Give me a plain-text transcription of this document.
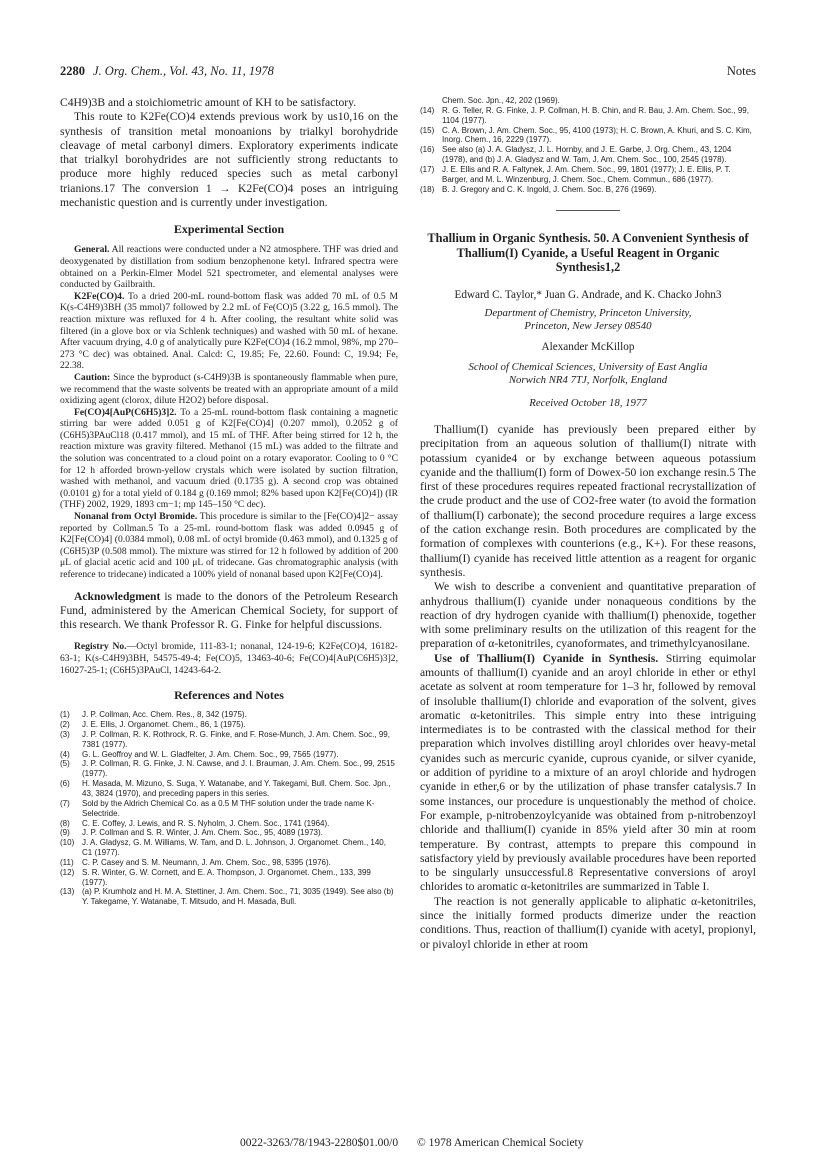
2280 J. Org. Chem., Vol. 43, No. 11, 1978	Notes

C4H9)3B and a stoichiometric amount of KH to be satisfactory.

This route to K2Fe(CO)4 extends previous work by us10,16 on the synthesis of transition metal monoanions by trialkyl borohydride cleavage of metal carbonyl dimers. Exploratory experiments indicate that trialkyl borohydrides are not sufficiently strong reductants to produce more highly reduced species such as metal carbonyl trianions.17 The conversion 1 → K2Fe(CO)4 poses an intriguing mechanistic question and is currently under investigation.

Experimental Section

General. All reactions were conducted under a N2 atmosphere. THF was dried and deoxygenated by distillation from sodium benzophenone ketyl. Infrared spectra were obtained on a Perkin-Elmer Model 521 spectrometer, and elemental analyses were conducted by Gailbraith.

K2Fe(CO)4. To a dried 200-mL round-bottom flask was added 70 mL of 0.5 M K(s-C4H9)3BH (35 mmol)7 followed by 2.2 mL of Fe(CO)5 (3.22 g, 16.5 mmol). The reaction mixture was refluxed for 4 h. After cooling, the resultant white solid was filtered (in a glove box or via Schlenk techniques) and washed with 50 mL of hexane. After vacuum drying, 4.0 g of analytically pure K2Fe(CO)4 (16.2 mmol, 98%, mp 270–273 °C dec) was obtained. Anal. Calcd: C, 19.85; Fe, 22.60. Found: C, 19.94; Fe, 22.38.

Caution: Since the byproduct (s-C4H9)3B is spontaneously flammable when pure, we recommend that the waste solvents be treated with an appropriate amount of a mild oxidizing agent (clorox, dilute H2O2) before disposal.

Fe(CO)4[AuP(C6H5)3]2. To a 25-mL round-bottom flask containing a magnetic stirring bar were added 0.051 g of K2[Fe(CO)4] (0.207 mmol), 0.2052 g of (C6H5)3PAuCl18 (0.417 mmol), and 15 mL of THF. After being stirred for 12 h, the reaction mixture was gravity filtered. Methanol (15 mL) was added to the filtrate and the solution was concentrated to a cloud point on a rotary evaporator. Cooling to 0 °C for 12 h afforded brown-yellow crystals which were isolated by suction filtration, washed with methanol, and vacuum dried (0.1735 g). A second crop was obtained (0.0101 g) for a total yield of 0.184 g (0.169 mmol; 82% based upon K2[Fe(CO)4]) (IR (THF) 2002, 1929, 1893 cm−1; mp 145–150 °C dec).

Nonanal from Octyl Bromide. This procedure is similar to the [Fe(CO)4]2− assay reported by Collman.5 To a 25-mL round-bottom flask was added 0.0945 g of K2[Fe(CO)4] (0.0384 mmol), 0.08 mL of octyl bromide (0.463 mmol), and 0.1325 g of (C6H5)3P (0.508 mmol). The mixture was stirred for 12 h followed by addition of 200 μL of glacial acetic acid and 100 μL of tridecane. Gas chromatographic analysis (with reference to tridecane) indicated a 100% yield of nonanal based upon K2[Fe(CO)4].

Acknowledgment is made to the donors of the Petroleum Research Fund, administered by the American Chemical Society, for support of this research. We thank Professor R. G. Finke for helpful discussions.

Registry No.—Octyl bromide, 111-83-1; nonanal, 124-19-6; K2Fe(CO)4, 16182-63-1; K(s-C4H9)3BH, 54575-49-4; Fe(CO)5, 13463-40-6; Fe(CO)4[AuP(C6H5)3]2, 16027-25-1; (C6H5)3PAuCl, 14243-64-2.

References and Notes
(1) J. P. Collman, Acc. Chem. Res., 8, 342 (1975).
(2) J. E. Ellis, J. Organomet. Chem., 86, 1 (1975).
(3) J. P. Collman, R. K. Rothrock, R. G. Finke, and F. Rose-Munch, J. Am. Chem. Soc., 99, 7381 (1977).
(4) G. L. Geoffroy and W. L. Gladfelter, J. Am. Chem. Soc., 99, 7565 (1977).
(5) J. P. Collman, R. G. Finke, J. N. Cawse, and J. I. Brauman, J. Am. Chem. Soc., 99, 2515 (1977).
(6) H. Masada, M. Mizuno, S. Suga, Y. Watanabe, and Y. Takegami, Bull. Chem. Soc. Jpn., 43, 3824 (1970), and preceding papers in this series.
(7) Sold by the Aldrich Chemical Co. as a 0.5 M THF solution under the trade name K-Selectride.
(8) C. E. Coffey, J. Lewis, and R. S. Nyholm, J. Chem. Soc., 1741 (1964).
(9) J. P. Collman and S. R. Winter, J. Am. Chem. Soc., 95, 4089 (1973).
(10) J. A. Gladysz, G. M. Williams, W. Tam, and D. L. Johnson, J. Organomet. Chem., 140, C1 (1977).
(11) C. P. Casey and S. M. Neumann, J. Am. Chem. Soc., 98, 5395 (1976).
(12) S. R. Winter, G. W. Cornett, and E. A. Thompson, J. Organomet. Chem., 133, 399 (1977).
(13) (a) P. Krumholz and H. M. A. Stettiner, J. Am. Chem. Soc., 71, 3035 (1949). See also (b) Y. Takegame, Y. Watanabe, T. Mitsudo, and H. Masada, Bull.
Chem. Soc. Jpn., 42, 202 (1969).
(14) R. G. Teller, R. G. Finke, J. P. Collman, H. B. Chin, and R. Bau, J. Am. Chem. Soc., 99, 1104 (1977).
(15) C. A. Brown, J. Am. Chem. Soc., 95, 4100 (1973); H. C. Brown, A. Khuri, and S. C. Kim, Inorg. Chem., 16, 2229 (1977).
(16) See also (a) J. A. Gladysz, J. L. Hornby, and J. E. Garbe, J. Org. Chem., 43, 1204 (1978), and (b) J. A. Gladysz and W. Tam, J. Am. Chem. Soc., 100, 2545 (1978).
(17) J. E. Ellis and R. A. Faltynek, J. Am. Chem. Soc., 99, 1801 (1977); J. E. Ellis, P. T. Barger, and M. L. Winzenburg, J. Chem. Soc., Chem. Commun., 686 (1977).
(18) B. J. Gregory and C. K. Ingold, J. Chem. Soc. B, 276 (1969).
Thallium in Organic Synthesis. 50. A Convenient Synthesis of Thallium(I) Cyanide, a Useful Reagent in Organic Synthesis1,2
Edward C. Taylor,* Juan G. Andrade, and K. Chacko John3

Department of Chemistry, Princeton University,

Princeton, New Jersey 08540

Alexander McKillop

School of Chemical Sciences, University of East Anglia

Norwich NR4 7TJ, Norfolk, England

Received October 18, 1977

Thallium(I) cyanide has previously been prepared either by precipitation from an aqueous solution of thallium(I) nitrate with potassium cyanide4 or by exchange between aqueous potassium cyanide and the thallium(I) form of Dowex-50 ion exchange resin.5 The first of these procedures requires repeated fractional recrystallization of the crude product and the use of CO2-free water (to avoid the formation of thallium(I) carbonate); the second procedure requires a large excess of the cation exchange resin. Both procedures are complicated by the formation of complexes with counterions (e.g., K+). For these reasons, thallium(I) cyanide has received little attention as a reagent for organic synthesis.

We wish to describe a convenient and quantitative preparation of anhydrous thallium(I) cyanide under nonaqueous conditions by the reaction of dry hydrogen cyanide with thallium(I) phenoxide, together with some preliminary results on the utilization of this reagent for the preparation of α-ketonitriles, cyanoformates, and trimethylcyanosilane.

Use of Thallium(I) Cyanide in Synthesis. Stirring equimolar amounts of thallium(I) cyanide and an aroyl chloride in ether or ethyl acetate as solvent at room temperature for 1–3 hr, followed by removal of insoluble thallium(I) chloride and evaporation of the solvent, gives aromatic α-ketonitriles. This simple entry into these intriguing intermediates is to be contrasted with the classical method for their preparation which involves distilling aroyl chlorides over heavy-metal cyanides such as mercuric cyanide, cuprous cyanide, or silver cyanide, or addition of pyridine to a mixture of an aroyl chloride and hydrogen cyanide in ether,6 or by the utilization of phase transfer catalysis.7 In some instances, our procedure is unquestionably the method of choice. For example, p-nitrobenzoylcyanide was obtained from p-nitrobenzoyl chloride and thallium(I) cyanide in 85% yield after 30 min at room temperature. By contrast, attempts to prepare this compound in satisfactory yield by previously available procedures have been reported to be singularly unsuccessful.8 Representative conversions of aroyl chlorides to aromatic α-ketonitriles are summarized in Table I.

The reaction is not generally applicable to aliphatic α-ketonitriles, since the initially formed products dimerize under the reaction conditions. Thus, reaction of thallium(I) cyanide with acetyl, propionyl, or pivaloyl chloride in ether at room

0022-3263/78/1943-2280$01.00/0 © 1978 American Chemical Society
